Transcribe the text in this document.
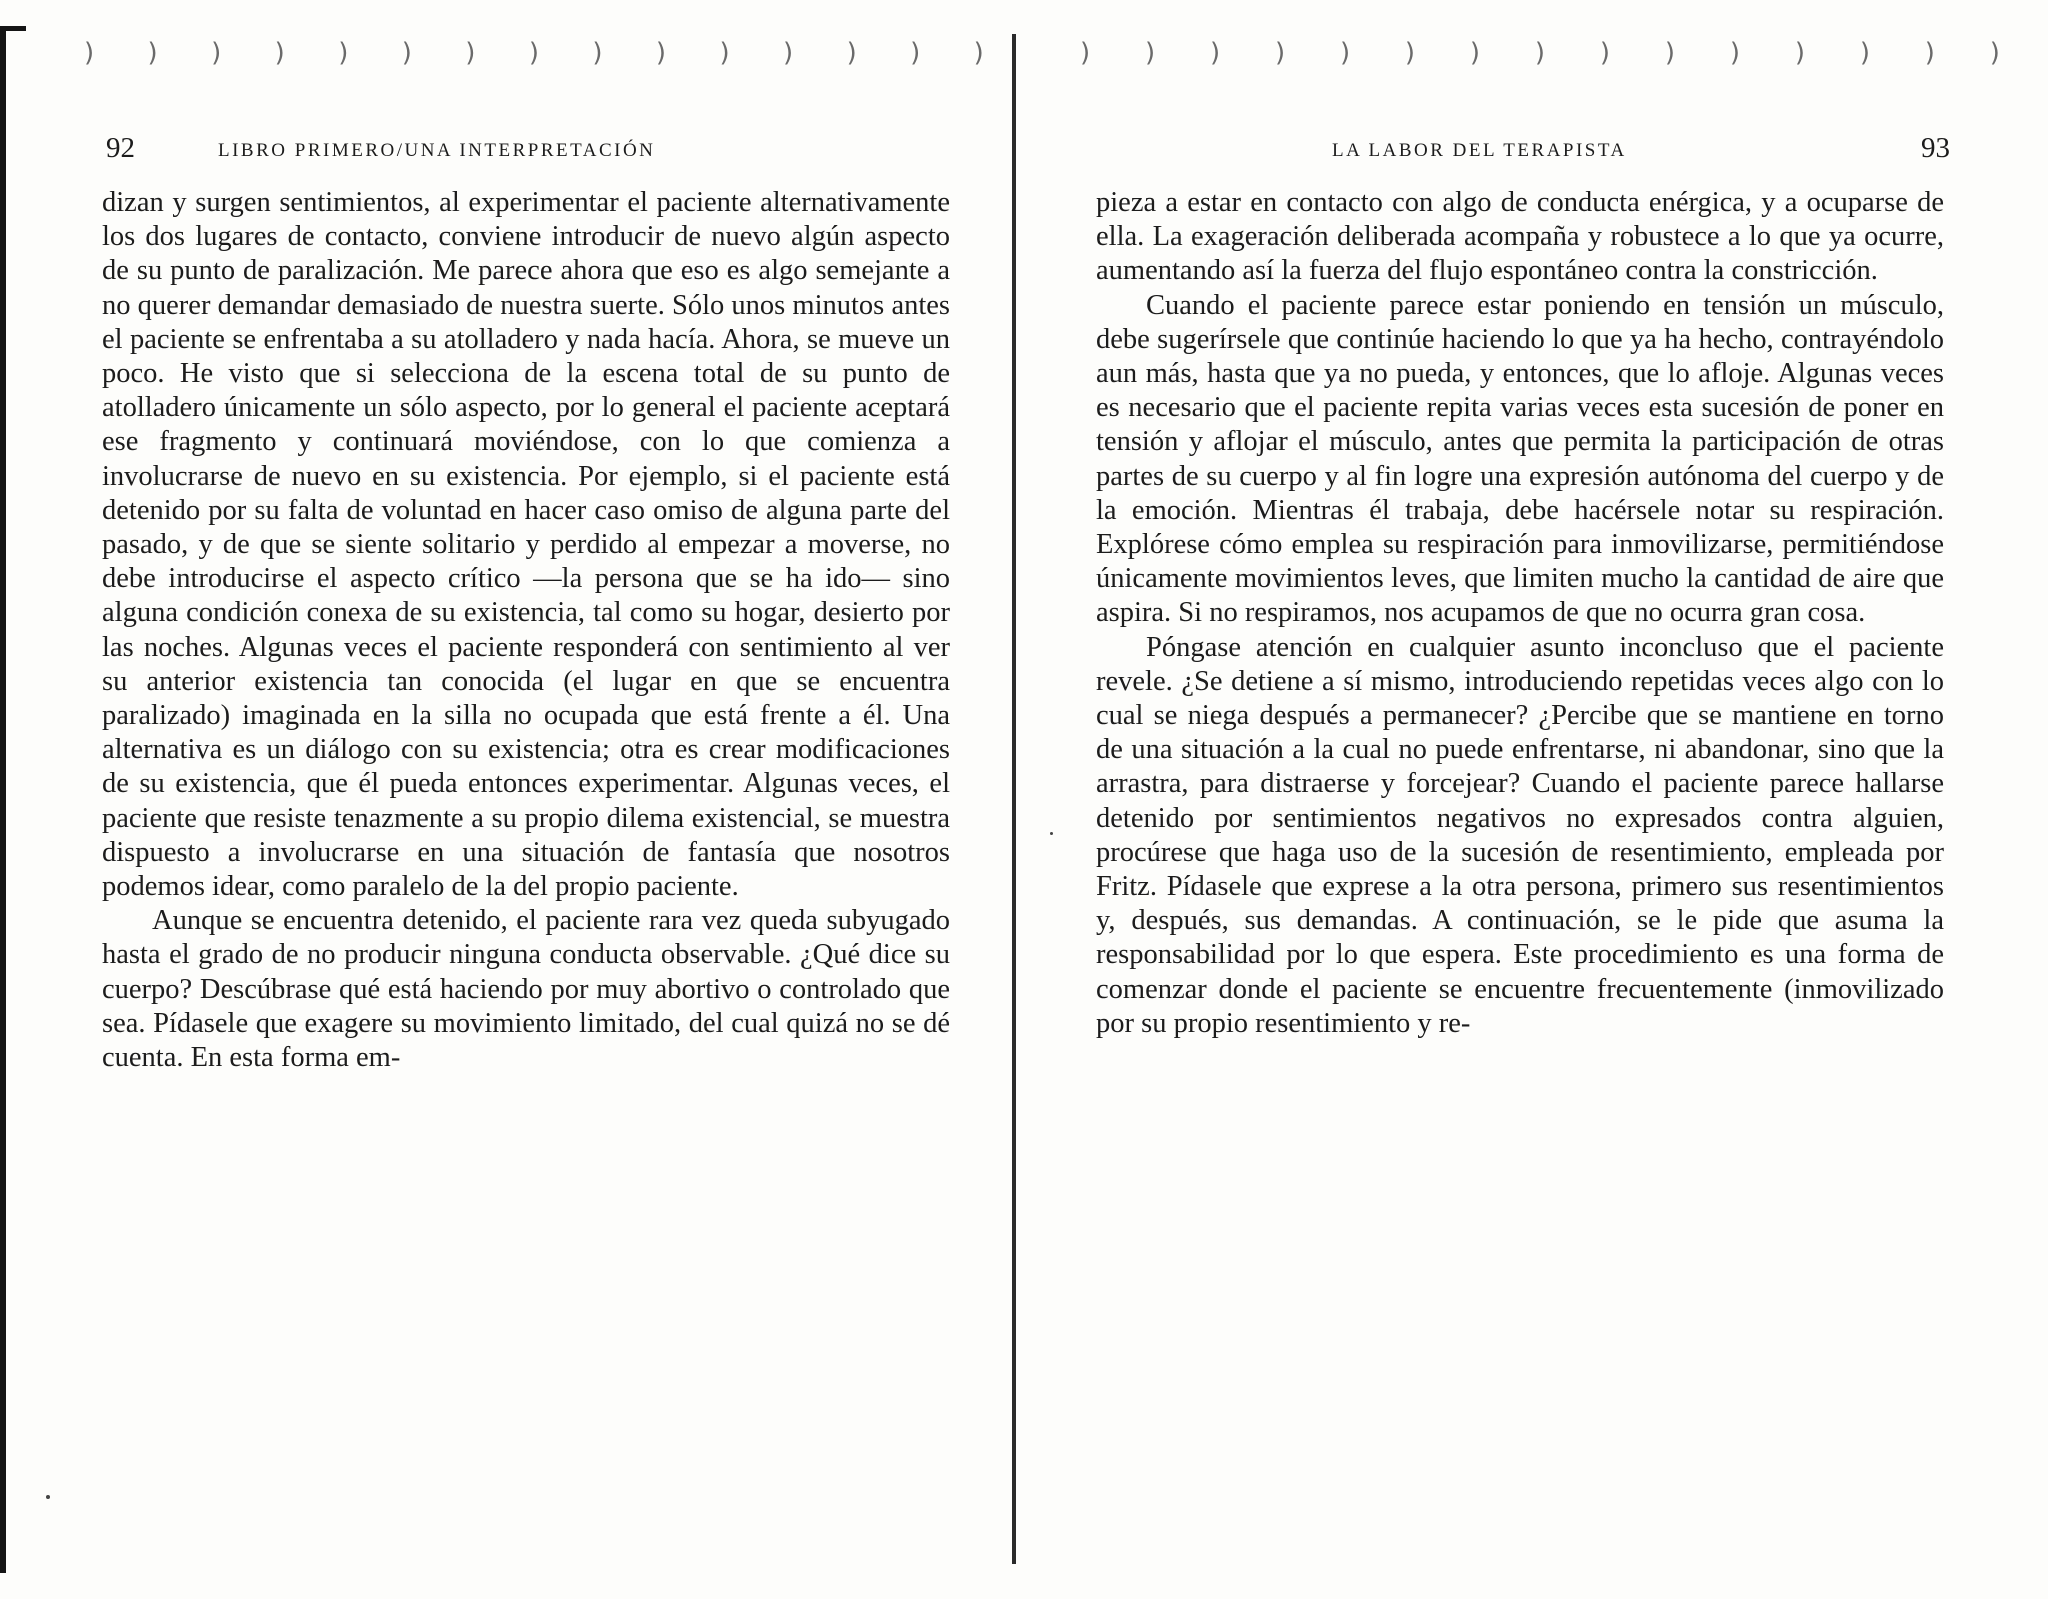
) ) ) ) ) ) ) ) ) ) ) ) ) ) )	) ) ) ) ) ) ) ) ) ) ) ) ) ) )
92	LIBRO PRIMERO/UNA INTERPRETACIÓN

dizan y surgen sentimientos, al experimentar el paciente alternativamente los dos lugares de contacto, conviene introducir de nuevo algún aspecto de su punto de paralización. Me parece ahora que eso es algo semejante a no querer demandar demasiado de nuestra suerte. Sólo unos minutos antes el paciente se enfrentaba a su atolladero y nada hacía. Ahora, se mueve un poco. He visto que si selecciona de la escena total de su punto de atolladero únicamente un sólo aspecto, por lo general el paciente aceptará ese fragmento y continuará moviéndose, con lo que comienza a involucrarse de nuevo en su existencia. Por ejemplo, si el paciente está detenido por su falta de voluntad en hacer caso omiso de alguna parte del pasado, y de que se siente solitario y perdido al empezar a moverse, no debe introducirse el aspecto crítico —la persona que se ha ido— sino alguna condición conexa de su existencia, tal como su hogar, desierto por las noches. Algunas veces el paciente responderá con sentimiento al ver su anterior existencia tan conocida (el lugar en que se encuentra paralizado) imaginada en la silla no ocupada que está frente a él. Una alternativa es un diálogo con su existencia; otra es crear modificaciones de su existencia, que él pueda entonces experimentar. Algunas veces, el paciente que resiste tenazmente a su propio dilema existencial, se muestra dispuesto a involucrarse en una situación de fantasía que nosotros podemos idear, como paralelo de la del propio paciente.

Aunque se encuentra detenido, el paciente rara vez queda subyugado hasta el grado de no producir ninguna conducta observable. ¿Qué dice su cuerpo? Descúbrase qué está haciendo por muy abortivo o controlado que sea. Pídasele que exagere su movimiento limitado, del cual quizá no se dé cuenta. En esta forma em-

LA LABOR DEL TERAPISTA	93

pieza a estar en contacto con algo de conducta enérgica, y a ocuparse de ella. La exageración deliberada acompaña y robustece a lo que ya ocurre, aumentando así la fuerza del flujo espontáneo contra la constricción.

Cuando el paciente parece estar poniendo en tensión un músculo, debe sugerírsele que continúe haciendo lo que ya ha hecho, contrayéndolo aun más, hasta que ya no pueda, y entonces, que lo afloje. Algunas veces es necesario que el paciente repita varias veces esta sucesión de poner en tensión y aflojar el músculo, antes que permita la participación de otras partes de su cuerpo y al fin logre una expresión autónoma del cuerpo y de la emoción. Mientras él trabaja, debe hacérsele notar su respiración. Explórese cómo emplea su respiración para inmovilizarse, permitiéndose únicamente movimientos leves, que limiten mucho la cantidad de aire que aspira. Si no respiramos, nos acupamos de que no ocurra gran cosa.

Póngase atención en cualquier asunto inconcluso que el paciente revele. ¿Se detiene a sí mismo, introduciendo repetidas veces algo con lo cual se niega después a permanecer? ¿Percibe que se mantiene en torno de una situación a la cual no puede enfrentarse, ni abandonar, sino que la arrastra, para distraerse y forcejear? Cuando el paciente parece hallarse detenido por sentimientos negativos no expresados contra alguien, procúrese que haga uso de la sucesión de resentimiento, empleada por Fritz. Pídasele que exprese a la otra persona, primero sus resentimientos y, después, sus demandas. A continuación, se le pide que asuma la responsabilidad por lo que espera. Este procedimiento es una forma de comenzar donde el paciente se encuentre frecuentemente (inmovilizado por su propio resentimiento y re-
